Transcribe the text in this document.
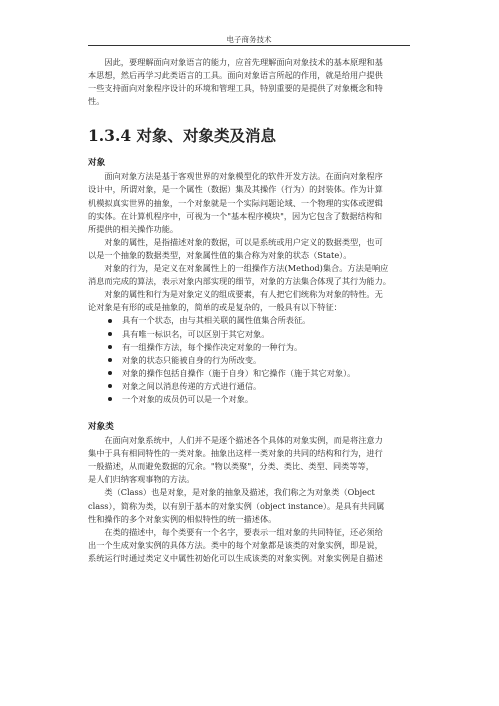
电子商务技术

因此，要理解面向对象语言的能力，应首先理解面向对象技术的基本原理和基
本思想，然后再学习此类语言的工具。面向对象语言所起的作用，就是给用户提供
一些支持面向对象程序设计的环境和管理工具，特别重要的是提供了对象概念和特
性。

1.3.4 对象、对象类及消息
对象

面向对象方法是基于客观世界的对象模型化的软件开发方法。在面向对象程序
设计中，所谓对象，是一个属性（数据）集及其操作（行为）的封装体。作为计算
机模拟真实世界的抽象，一个对象就是一个实际问题论域、一个物理的实体或逻辑
的实体。在计算机程序中，可视为一个"基本程序模块"，因为它包含了数据结构和
所提供的相关操作功能。

对象的属性，是指描述对象的数据，可以是系统或用户定义的数据类型，也可
以是一个抽象的数据类型，对象属性值的集合称为对象的状态（State）。

对象的行为，是定义在对象属性上的一组操作方法(Method)集合。方法是响应
消息而完成的算法，表示对象内部实现的细节，对象的方法集合体现了其行为能力。

对象的属性和行为是对象定义的组成要素，有人把它们统称为对象的特性。无
论对象是有形的或是抽象的，简单的或是复杂的，一般具有以下特征：

具有一个状态，由与其相关联的属性值集合所表征。
具有唯一标识名，可以区别于其它对象。
有一组操作方法，每个操作决定对象的一种行为。
对象的状态只能被自身的行为所改变。
对象的操作包括自操作（施于自身）和它操作（施于其它对象）。
对象之间以消息传递的方式进行通信。
一个对象的成员仍可以是一个对象。
对象类

在面向对象系统中，人们并不是逐个描述各个具体的对象实例，而是将注意力
集中于具有相同特性的一类对象。抽象出这样一类对象的共同的结构和行为，进行
一般描述，从而避免数据的冗余。"物以类聚"，分类、类比、类型、同类等等，
是人们归纳客观事物的方法。

类（Class）也是对象，是对象的抽象及描述，我们称之为对象类（Object
class），简称为类，以有别于基本的对象实例（object instance）。是具有共同属
性和操作的多个对象实例的相似特性的统一描述体。

在类的描述中，每个类要有一个名字，要表示一组对象的共同特征，还必须给
出一个生成对象实例的具体方法。类中的每个对象都是该类的对象实例，即是说，
系统运行时通过类定义中属性初始化可以生成该类的对象实例。对象实例是自描述
